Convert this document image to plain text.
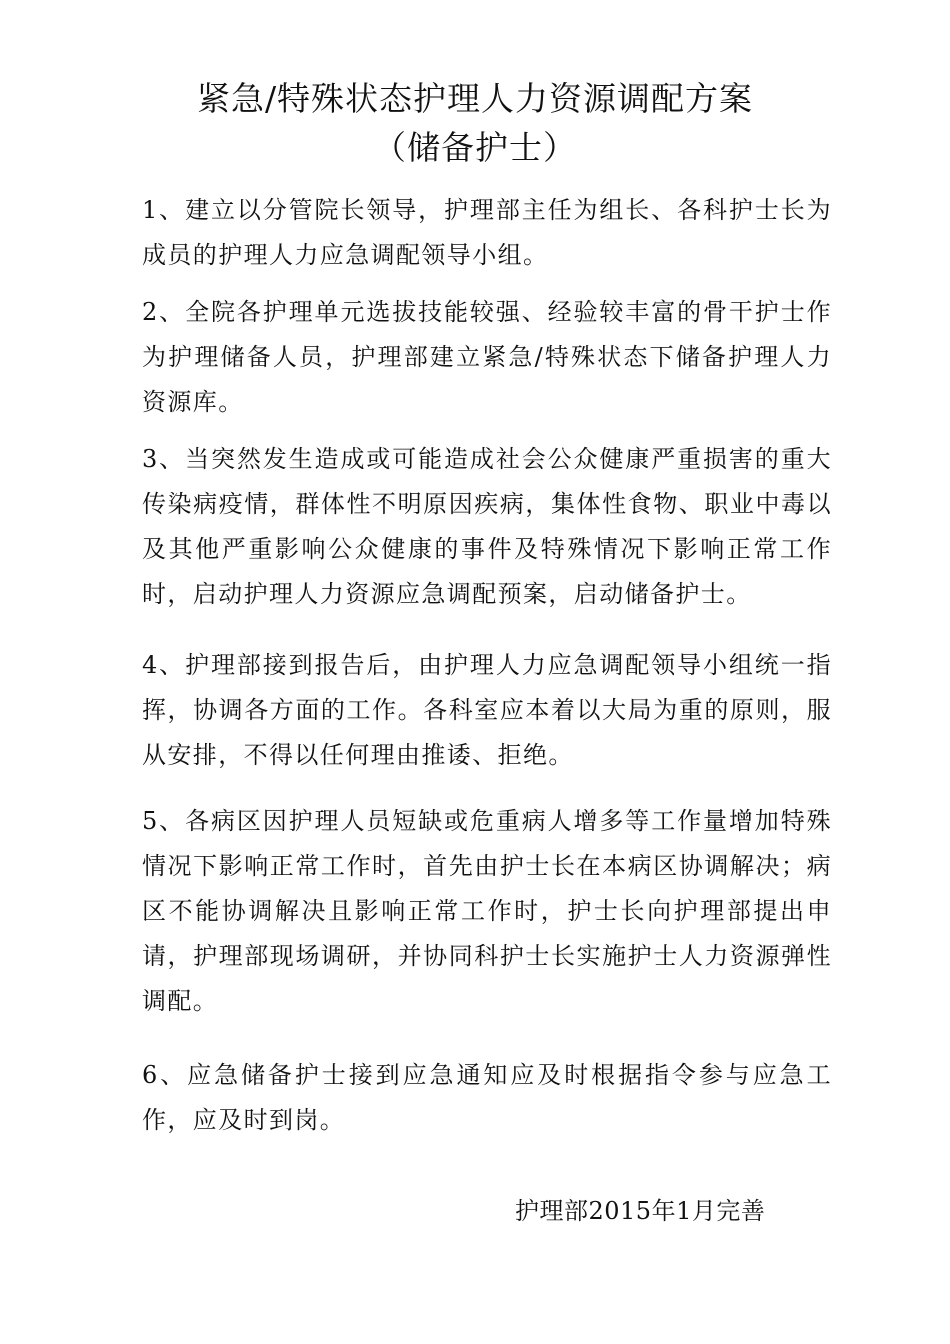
紧急/特殊状态护理人力资源调配方案
（储备护士）
1、建立以分管院长领导，护理部主任为组长、各科护士长为成员的护理人力应急调配领导小组。
2、全院各护理单元选拔技能较强、经验较丰富的骨干护士作为护理储备人员，护理部建立紧急/特殊状态下储备护理人力资源库。
3、当突然发生造成或可能造成社会公众健康严重损害的重大传染病疫情，群体性不明原因疾病，集体性食物、职业中毒以及其他严重影响公众健康的事件及特殊情况下影响正常工作时，启动护理人力资源应急调配预案，启动储备护士。
4、护理部接到报告后，由护理人力应急调配领导小组统一指挥，协调各方面的工作。各科室应本着以大局为重的原则，服从安排，不得以任何理由推诿、拒绝。
5、各病区因护理人员短缺或危重病人增多等工作量增加特殊情况下影响正常工作时，首先由护士长在本病区协调解决；病区不能协调解决且影响正常工作时，护士长向护理部提出申请，护理部现场调研，并协同科护士长实施护士人力资源弹性调配。
6、应急储备护士接到应急通知应及时根据指令参与应急工作，应及时到岗。
护理部2015年1月完善
